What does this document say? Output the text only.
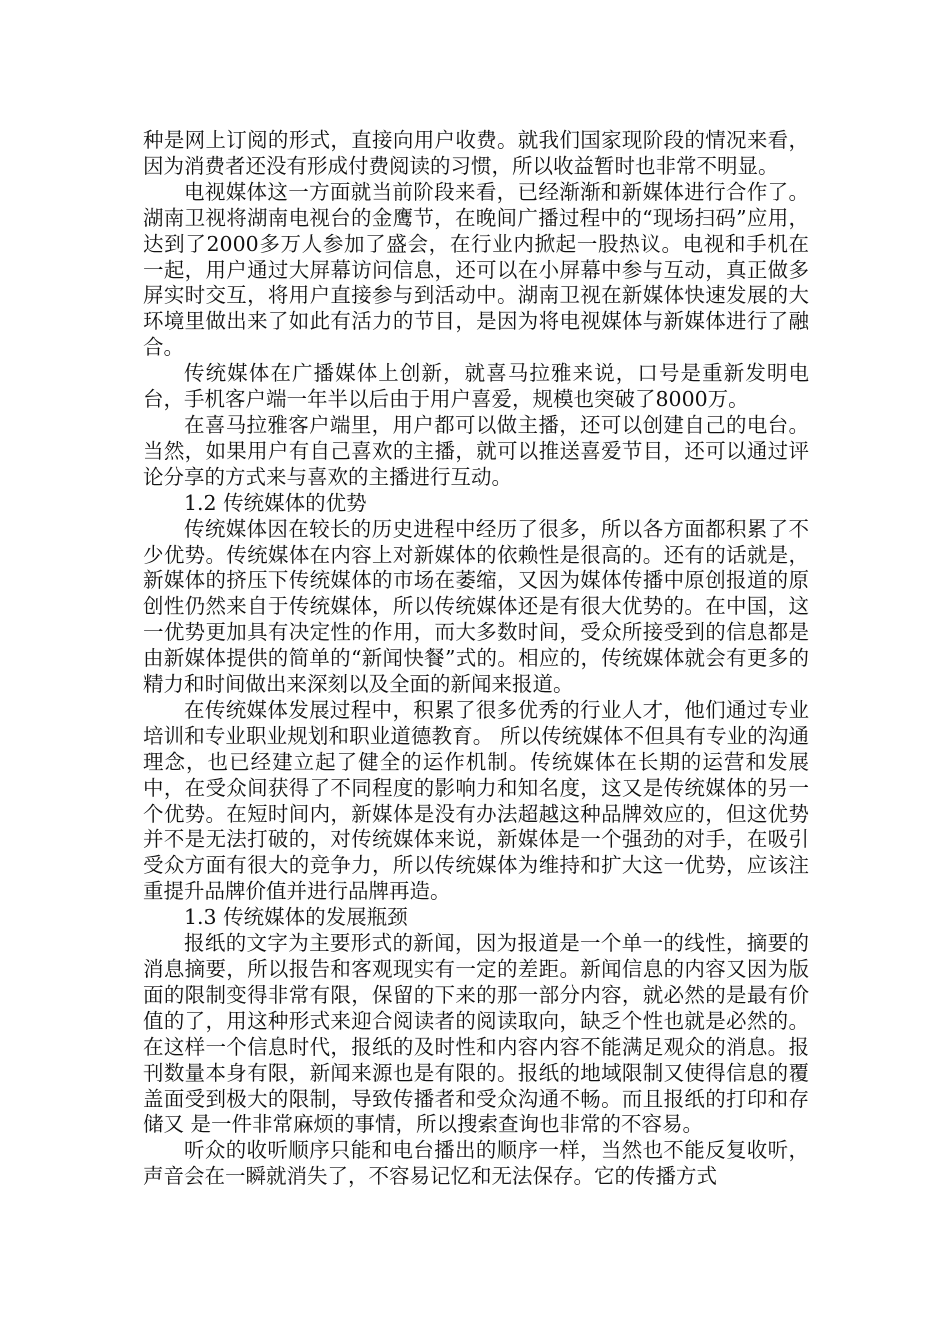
种是网上订阅的形式，直接向用户收费。就我们国家现阶段的情况来看，因为消费者还没有形成付费阅读的习惯，所以收益暂时也非常不明显。

电视媒体这一方面就当前阶段来看，已经渐渐和新媒体进行合作了。湖南卫视将湖南电视台的金鹰节，在晚间广播过程中的“现场扫码”应用，达到了2000多万人参加了盛会，在行业内掀起一股热议。电视和手机在一起，用户通过大屏幕访问信息，还可以在小屏幕中参与互动，真正做多屏实时交互，将用户直接参与到活动中。湖南卫视在新媒体快速发展的大环境里做出来了如此有活力的节目，是因为将电视媒体与新媒体进行了融合。

传统媒体在广播媒体上创新，就喜马拉雅来说，口号是重新发明电台，手机客户端一年半以后由于用户喜爱，规模也突破了8000万。

在喜马拉雅客户端里，用户都可以做主播，还可以创建自己的电台。当然，如果用户有自己喜欢的主播，就可以推送喜爱节目，还可以通过评论分享的方式来与喜欢的主播进行互动。

1.2 传统媒体的优势

传统媒体因在较长的历史进程中经历了很多，所以各方面都积累了不少优势。传统媒体在内容上对新媒体的依赖性是很高的。还有的话就是，新媒体的挤压下传统媒体的市场在萎缩，又因为媒体传播中原创报道的原创性仍然来自于传统媒体，所以传统媒体还是有很大优势的。在中国，这一优势更加具有决定性的作用，而大多数时间，受众所接受到的信息都是由新媒体提供的简单的“新闻快餐”式的。相应的，传统媒体就会有更多的精力和时间做出来深刻以及全面的新闻来报道。

在传统媒体发展过程中，积累了很多优秀的行业人才，他们通过专业培训和专业职业规划和职业道德教育。 所以传统媒体不但具有专业的沟通理念，也已经建立起了健全的运作机制。传统媒体在长期的运营和发展中，在受众间获得了不同程度的影响力和知名度，这又是传统媒体的另一个优势。在短时间内，新媒体是没有办法超越这种品牌效应的，但这优势并不是无法打破的，对传统媒体来说，新媒体是一个强劲的对手，在吸引受众方面有很大的竞争力，所以传统媒体为维持和扩大这一优势，应该注重提升品牌价值并进行品牌再造。

1.3 传统媒体的发展瓶颈

报纸的文字为主要形式的新闻，因为报道是一个单一的线性，摘要的消息摘要，所以报告和客观现实有一定的差距。新闻信息的内容又因为版面的限制变得非常有限，保留的下来的那一部分内容，就必然的是最有价值的了，用这种形式来迎合阅读者的阅读取向，缺乏个性也就是必然的。在这样一个信息时代，报纸的及时性和内容内容不能满足观众的消息。报刊数量本身有限，新闻来源也是有限的。报纸的地域限制又使得信息的覆盖面受到极大的限制，导致传播者和受众沟通不畅。而且报纸的打印和存储又 是一件非常麻烦的事情，所以搜索查询也非常的不容易。

听众的收听顺序只能和电台播出的顺序一样，当然也不能反复收听，声音会在一瞬就消失了，不容易记忆和无法保存。它的传播方式
